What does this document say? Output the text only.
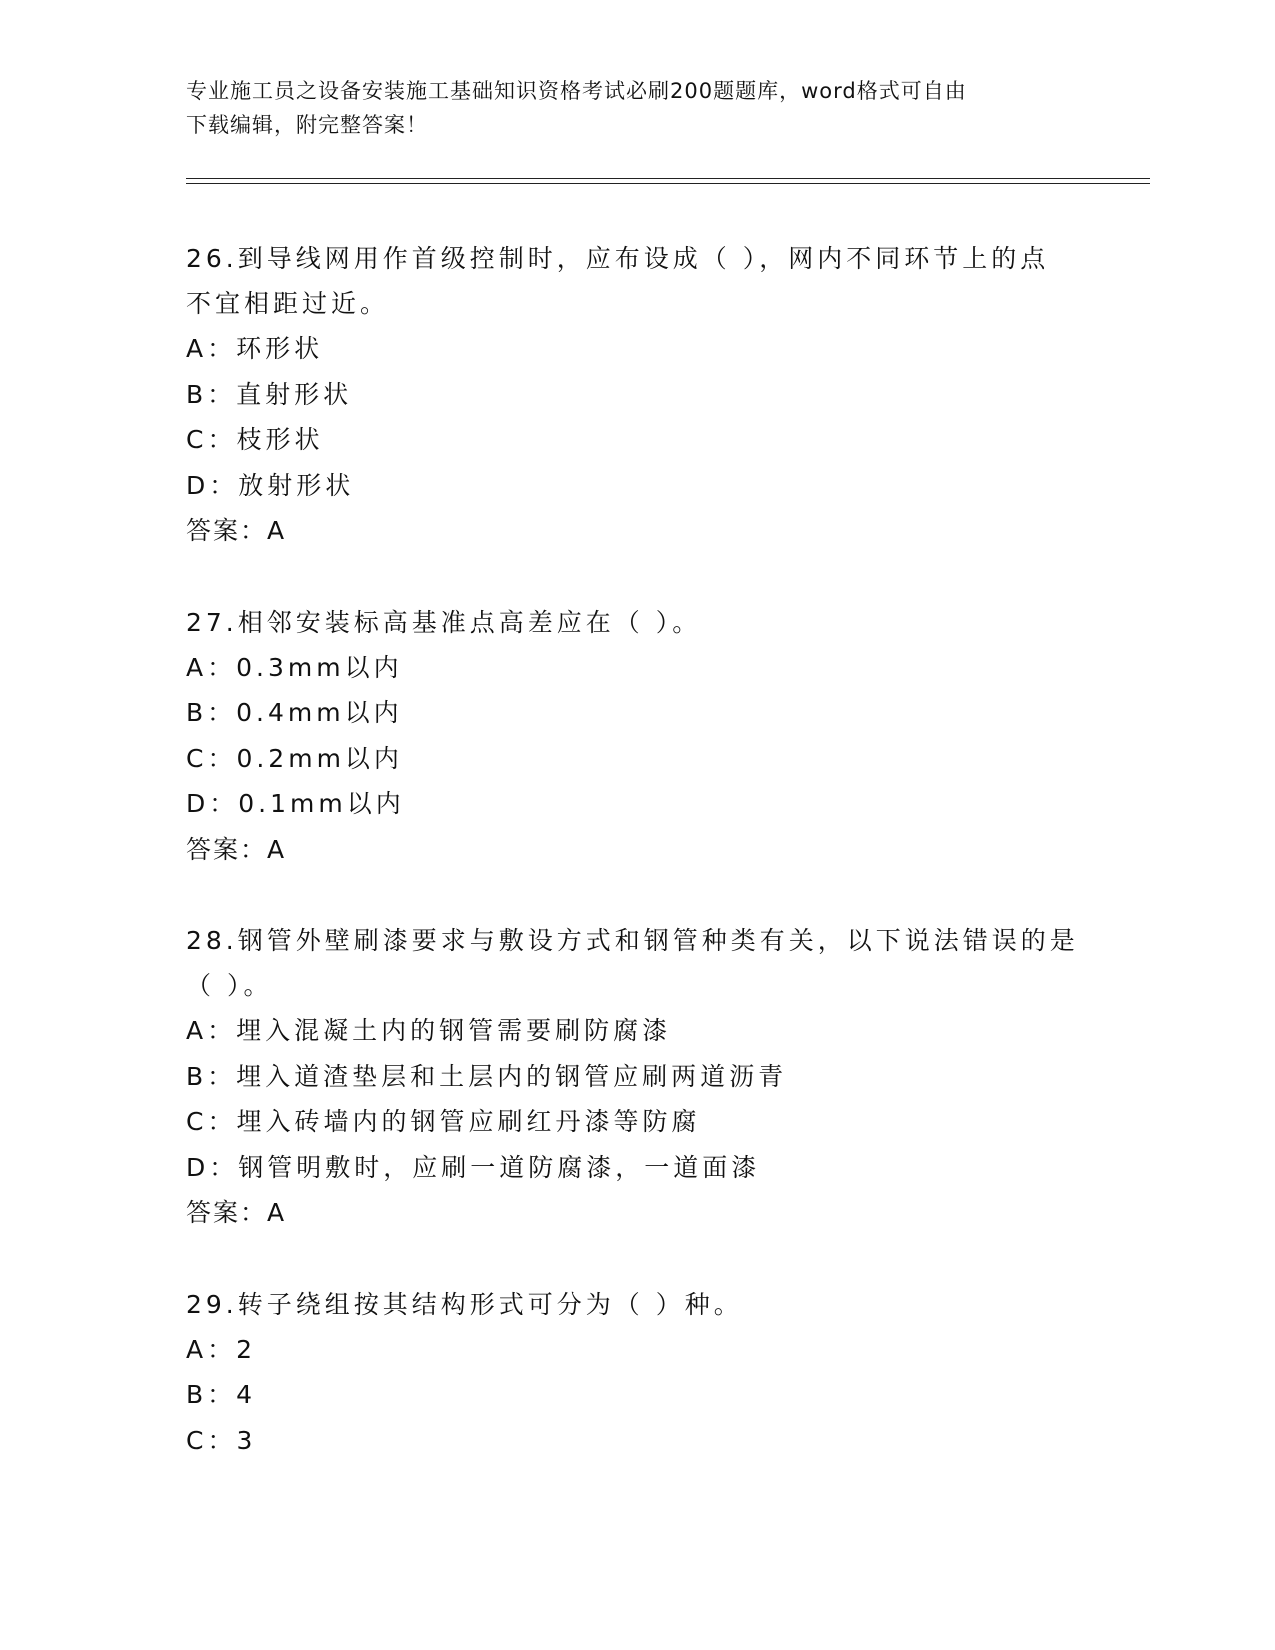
专业施工员之设备安装施工基础知识资格考试必刷200题题库，word格式可自由
下载编辑，附完整答案！
26.到导线网用作首级控制时，应布设成（ ），网内不同环节上的点
不宜相距过近。
A：环形状
B：直射形状
C：枝形状
D：放射形状
答案：A
27.相邻安装标高基准点高差应在（ ）。
A：0.3mm以内
B：0.4mm以内
C：0.2mm以内
D：0.1mm以内
答案：A
28.钢管外壁刷漆要求与敷设方式和钢管种类有关，以下说法错误的是
（ ）。
A：埋入混凝土内的钢管需要刷防腐漆
B：埋入道渣垫层和土层内的钢管应刷两道沥青
C：埋入砖墙内的钢管应刷红丹漆等防腐
D：钢管明敷时，应刷一道防腐漆，一道面漆
答案：A
29.转子绕组按其结构形式可分为（ ）种。
A：2
B：4
C：3
